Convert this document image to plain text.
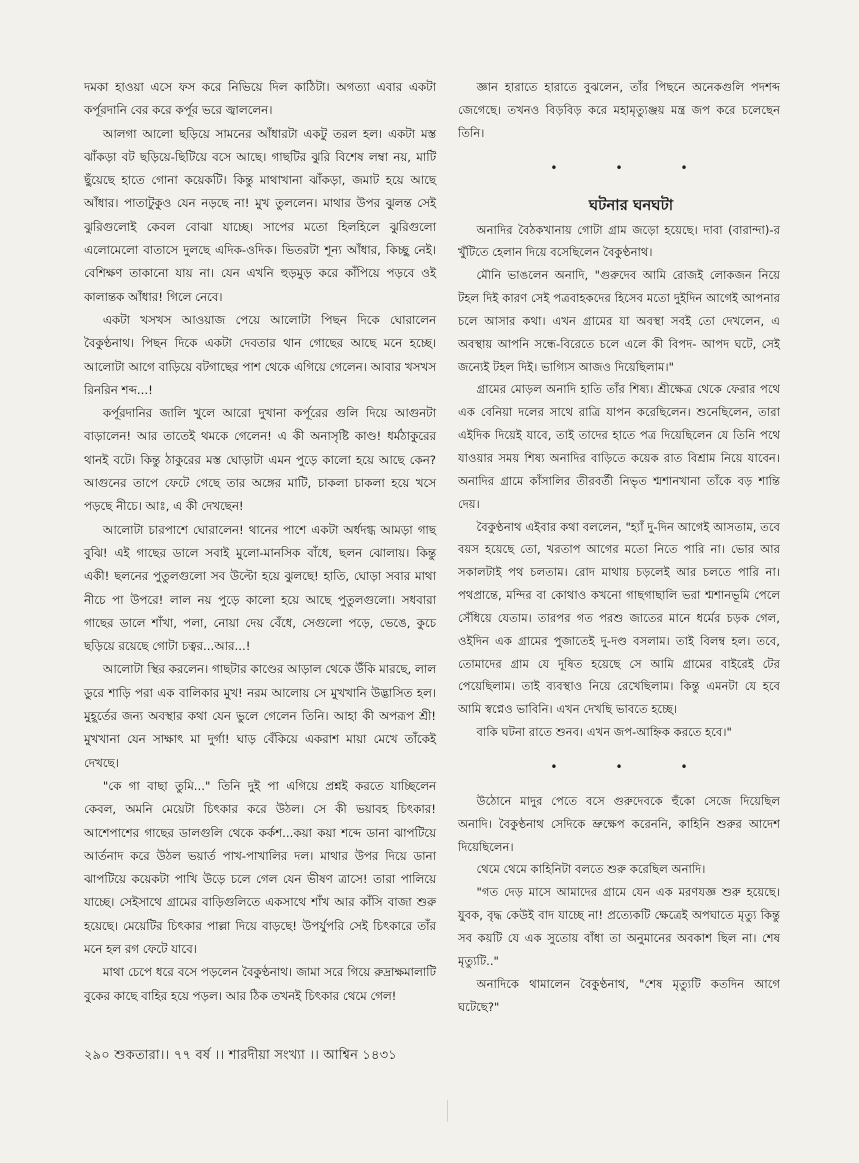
দমকা হাওয়া এসে ফস করে নিভিয়ে দিল কাঠিটা। অগত্যা এবার একটা কর্পূরদানি বের করে কর্পূর ভরে জ্বাললেন।

আলগা আলো ছড়িয়ে সামনের আঁধারটা একটু তরল হল। একটা মস্ত ঝাঁকড়া বট ছড়িয়ে-ছিটিয়ে বসে আছে। গাছটির ঝুরি বিশেষ লম্বা নয়, মাটি ছুঁয়েছে হাতে গোনা কয়েকটি। কিন্তু মাথাখানা ঝাঁকড়া, জমাট হয়ে আছে আঁধার। পাতাটুকুও যেন নড়ছে না! মুখ তুললেন। মাথার উপর ঝুলন্ত সেই ঝুরিগুলোই কেবল বোঝা যাচ্ছে। সাপের মতো হিলহিলে ঝুরিগুলো এলোমেলো বাতাসে দুলছে এদিক-ওদিক। ভিতরটা শূন্য আঁধার, কিচ্ছু নেই। বেশিক্ষণ তাকানো যায় না। যেন এখনি হুড়মুড় করে কাঁপিয়ে পড়বে ওই কালান্তক আঁধার! গিলে নেবে।

একটা খসখস আওয়াজ পেয়ে আলোটা পিছন দিকে ঘোরালেন বৈকুণ্ঠনাথ। পিছন দিকে একটা দেবতার থান গোছের আছে মনে হচ্ছে। আলোটা আগে বাড়িয়ে বটগাছের পাশ থেকে এগিয়ে গেলেন। আবার খসখস রিনরিন শব্দ...!

কর্পূরদানির জালি খুলে আরো দুখানা কর্পূরের গুলি দিয়ে আগুনটা বাড়ালেন! আর তাতেই থমকে গেলেন! এ কী অনাসৃষ্টি কাণ্ড! ধর্মঠাকুরের থানই বটে। কিন্তু ঠাকুরের মস্ত ঘোড়াটা এমন পুড়ে কালো হয়ে আছে কেন? আগুনের তাপে ফেটে গেছে তার অঙ্গের মাটি, চাকলা চাকলা হয়ে খসে পড়ছে নীচে। আঃ, এ কী দেখছেন!

আলোটা চারপাশে ঘোরালেন! থানের পাশে একটা অর্ধদগ্ধ আমড়া গাছ বুঝি! এই গাছের ডালে সবাই মুলো-মানসিক বাঁধে, ছলন ঝোলায়। কিন্তু একী! ছলনের পুতুলগুলো সব উল্টো হয়ে ঝুলছে! হাতি, ঘোড়া সবার মাথা নীচে পা উপরে! লাল নয় পুড়ে কালো হয়ে আছে পুতুলগুলো। সধবারা গাছের ডালে শাঁখা, পলা, নোয়া দেয় বেঁধে, সেগুলো পড়ে, ভেঙে, কুচে ছড়িয়ে রয়েছে গোটা চত্বর...আর...!

আলোটা স্থির করলেন। গাছটার কাণ্ডের আড়াল থেকে উঁকি মারছে, লাল ডুরে শাড়ি পরা এক বালিকার মুখ! নরম আলোয় সে মুখখানি উদ্ভাসিত হল। মুহূর্তের জন্য অবস্থার কথা যেন ভুলে গেলেন তিনি। আহা কী অপরূপ শ্রী! মুখখানা যেন সাক্ষাৎ মা দুর্গা! ঘাড় বেঁকিয়ে একরাশ মায়া মেখে তাঁকেই দেখছে।

"কে গা বাছা তুমি..." তিনি দুই পা এগিয়ে প্রশ্নই করতে যাচ্ছিলেন কেবল, অমনি মেয়েটা চিৎকার করে উঠল। সে কী ভয়াবহ চিৎকার! আশেপাশের গাছের ডালগুলি থেকে কর্কশ...কয়া কয়া শব্দে ডানা ঝাপটিয়ে আর্তনাদ করে উঠল ভয়ার্ত পাখ-পাখালির দল। মাথার উপর দিয়ে ডানা ঝাপটিয়ে কয়েকটা পাখি উড়ে চলে গেল যেন ভীষণ ত্রাসে! তারা পালিয়ে যাচ্ছে। সেইসাথে গ্রামের বাড়িগুলিতে একসাথে শাঁখ আর কাঁসি বাজা শুরু হয়েছে। মেয়েটির চিৎকার পাল্লা দিয়ে বাড়ছে! উপর্যুপরি সেই চিৎকারে তাঁর মনে হল রগ ফেটে যাবে।

মাথা চেপে ধরে বসে পড়লেন বৈকুণ্ঠনাথ। জামা সরে গিয়ে রুদ্রাক্ষমালাটি বুকের কাছে বাহির হয়ে পড়ল। আর ঠিক তখনই চিৎকার থেমে গেল!

জ্ঞান হারাতে হারাতে বুঝলেন, তাঁর পিছনে অনেকগুলি পদশব্দ জেগেছে। তখনও বিড়বিড় করে মহামৃত্যুঞ্জয় মন্ত্র জপ করে চলেছেন তিনি।

•••

ঘটনার ঘনঘটা

অনাদির বৈঠকখানায় গোটা গ্রাম জড়ো হয়েছে। দাবা (বারান্দা)-র খুঁটিতে হেলান দিয়ে বসেছিলেন বৈকুণ্ঠনাথ।

মৌনি ভাঙলেন অনাদি, "গুরুদেব আমি রোজই লোকজন নিয়ে টহল দিই কারণ সেই পত্রবাহকদের হিসেব মতো দুইদিন আগেই আপনার চলে আসার কথা। এখন গ্রামের যা অবস্থা সবই তো দেখলেন, এ অবস্থায় আপনি সন্ধে-বিরেতে চলে এলে কী বিপদ- আপদ ঘটে, সেই জন্যেই টহল দিই। ভাগ্যিস আজও দিয়েছিলাম।"

গ্রামের মোড়ল অনাদি হাতি তাঁর শিষ্য। শ্রীক্ষেত্র থেকে ফেরার পথে এক বেনিয়া দলের সাথে রাত্রি যাপন করেছিলেন। শুনেছিলেন, তারা এইদিক দিয়েই যাবে, তাই তাদের হাতে পত্র দিয়েছিলেন যে তিনি পথে যাওয়ার সময় শিষ্য অনাদির বাড়িতে কয়েক রাত বিশ্রাম নিয়ে যাবেন। অনাদির গ্রামে কাঁসালির তীরবর্তী নিভৃত শ্মশানখানা তাঁকে বড় শান্তি দেয়।

বৈকুণ্ঠনাথ এইবার কথা বললেন, "হ্যাঁ দু-দিন আগেই আসতাম, তবে বয়স হয়েছে তো, খরতাপ আগের মতো নিতে পারি না। ভোর আর সকালটাই পথ চলতাম। রোদ মাথায় চড়লেই আর চলতে পারি না। পথপ্রান্তে, মন্দির বা কোথাও কখনো গাছগাছালি ভরা শ্মশানভূমি পেলে সেঁধিয়ে যেতাম। তারপর গত পরশু জাতের মানে ধর্মের চড়ক গেল, ওইদিন এক গ্রামের পুজাতেই দু-দণ্ড বসলাম। তাই বিলম্ব হল। তবে, তোমাদের গ্রাম যে দূষিত হয়েছে সে আমি গ্রামের বাইরেই টের পেয়েছিলাম। তাই ব্যবস্থাও নিয়ে রেখেছিলাম। কিন্তু এমনটা যে হবে আমি স্বপ্নেও ভাবিনি। এখন দেখছি ভাবতে হচ্ছে।

বাকি ঘটনা রাতে শুনব। এখন জপ-আহ্নিক করতে হবে।"

•••

উঠোনে মাদুর পেতে বসে গুরুদেবকে হুঁকো সেজে দিয়েছিল অনাদি। বৈকুণ্ঠনাথ সেদিকে ভ্রুক্ষেপ করেননি, কাহিনি শুরুর আদেশ দিয়েছিলেন।

থেমে থেমে কাহিনিটা বলতে শুরু করেছিল অনাদি।

"গত দেড় মাসে আমাদের গ্রামে যেন এক মরণযজ্ঞ শুরু হয়েছে। যুবক, বৃদ্ধ কেউই বাদ যাচ্ছে না! প্রত্যেকটি ক্ষেত্রেই অপঘাতে মৃত্যু কিন্তু সব কয়টি যে এক সুতোয় বাঁধা তা অনুমানের অবকাশ ছিল না। শেষ মৃত্যুটি.."

অনাদিকে থামালেন বৈকুণ্ঠনাথ, "শেষ মৃত্যুটি কতদিন আগে ঘটেছে?"

২৯০ শুকতারা।। ৭৭ বর্ষ ।। শারদীয়া সংখ্যা ।। আশ্বিন ১৪৩১
